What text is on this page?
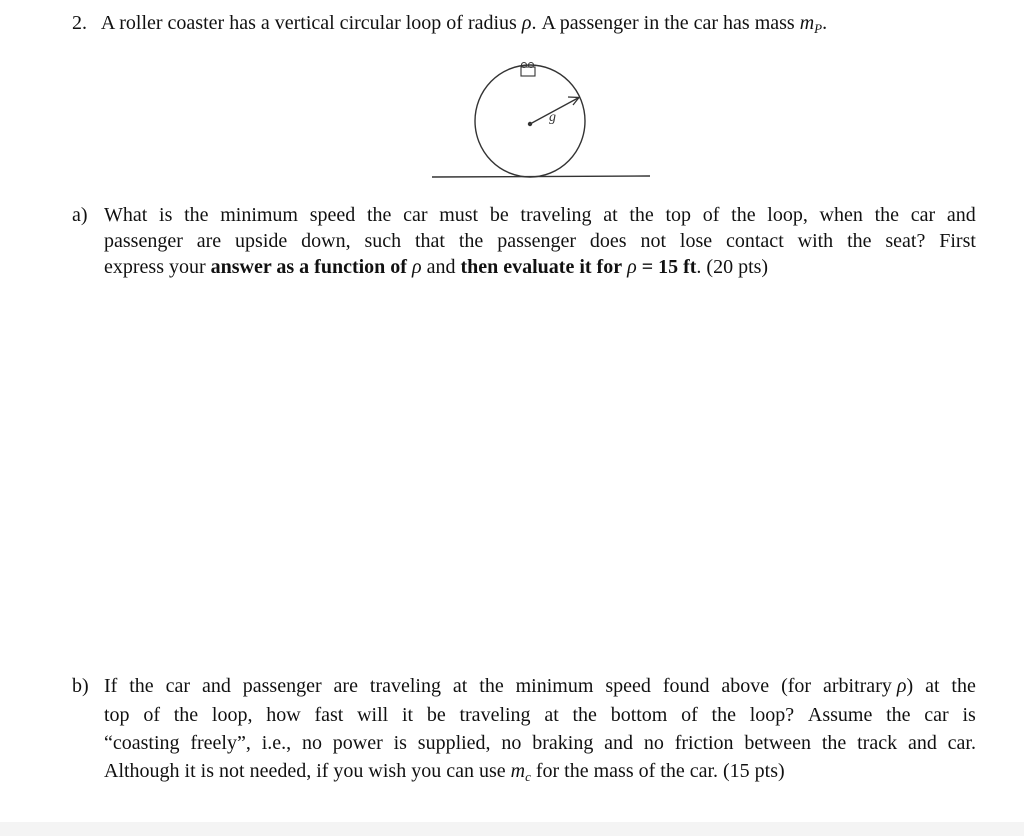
2. A roller coaster has a vertical circular loop of radius ρ. A passenger in the car has mass $m_P$.
g
a) What is the minimum speed the car must be traveling at the top of the loop, when the car and
passenger are upside down, such that the passenger does not lose contact with the seat? First
express your answer as a function of ρ and then evaluate it for ρ = 15 ft. (20 pts)
b) If the car and passenger are traveling at the minimum speed found above (for arbitrary ρ) at the
top of the loop, how fast will it be traveling at the bottom of the loop? Assume the car is
“coasting freely”, i.e., no power is supplied, no braking and no friction between the track and car.
Although it is not needed, if you wish you can use $m_c$ for the mass of the car. (15 pts)
